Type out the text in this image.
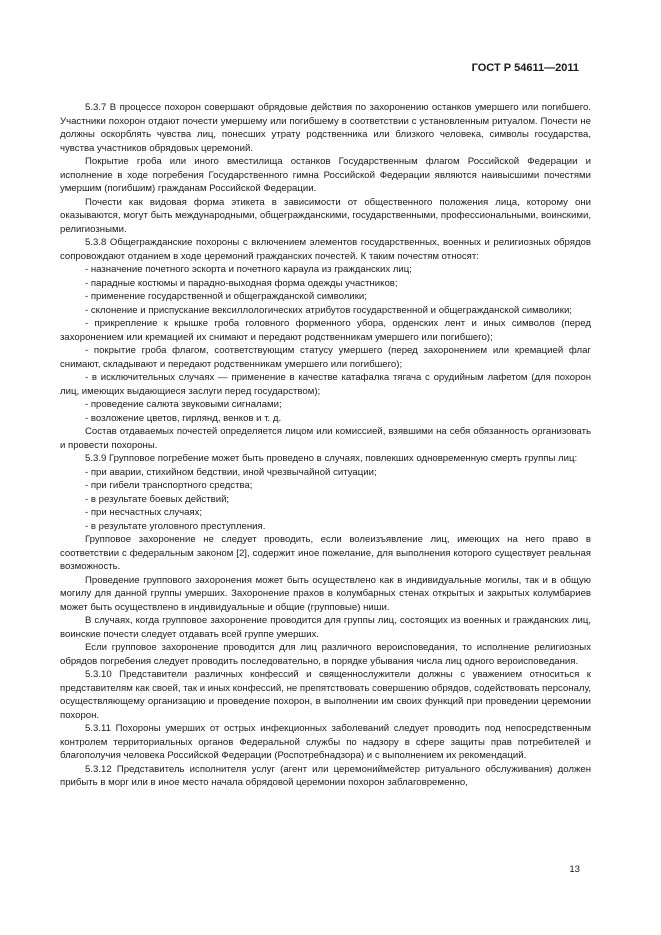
ГОСТ Р 54611—2011

5.3.7 В процессе похорон совершают обрядовые действия по захоронению останков умершего или погибшего. Участники похорон отдают почести умершему или погибшему в соответствии с установленным ритуалом. Почести не должны оскорблять чувства лиц, понесших утрату родственника или близкого человека, символы государства, чувства участников обрядовых церемоний.

Покрытие гроба или иного вместилища останков Государственным флагом Российской Федерации и исполнение в ходе погребения Государственного гимна Российской Федерации являются наивысшими почестями умершим (погибшим) гражданам Российской Федерации.

Почести как видовая форма этикета в зависимости от общественного положения лица, которому они оказываются, могут быть международными, общегражданскими, государственными, профессиональными, воинскими, религиозными.

5.3.8 Общегражданские похороны с включением элементов государственных, военных и религиозных обрядов сопровождают отданием в ходе церемоний гражданских почестей. К таким почестям относят:

- назначение почетного эскорта и почетного караула из гражданских лиц;

- парадные костюмы и парадно-выходная форма одежды участников;

- применение государственной и общегражданской символики;

- склонение и приспускание вексиллологических атрибутов государственной и общегражданской символики;

- прикрепление к крышке гроба головного форменного убора, орденских лент и иных символов (перед захоронением или кремацией их снимают и передают родственникам умершего или погибшего);

- покрытие гроба флагом, соответствующим статусу умершего (перед захоронением или кремацией флаг снимают, складывают и передают родственникам умершего или погибшего);

- в исключительных случаях — применение в качестве катафалка тягача с орудийным лафетом (для похорон лиц, имеющих выдающиеся заслуги перед государством);

- проведение салюта звуковыми сигналами;

- возложение цветов, гирлянд, венков и т. д.

Состав отдаваемых почестей определяется лицом или комиссией, взявшими на себя обязанность организовать и провести похороны.

5.3.9 Групповое погребение может быть проведено в случаях, повлекших одновременную смерть группы лиц:

- при аварии, стихийном бедствии, иной чрезвычайной ситуации;

- при гибели транспортного средства;

- в результате боевых действий;

- при несчастных случаях;

- в результате уголовного преступления.

Групповое захоронение не следует проводить, если волеизъявление лиц, имеющих на него право в соответствии с федеральным законом [2], содержит иное пожелание, для выполнения которого существует реальная возможность.

Проведение группового захоронения может быть осуществлено как в индивидуальные могилы, так и в общую могилу для данной группы умерших. Захоронение прахов в колумбарных стенах открытых и закрытых колумбариев может быть осуществлено в индивидуальные и общие (групповые) ниши.

В случаях, когда групповое захоронение проводится для группы лиц, состоящих из военных и гражданских лиц, воинские почести следует отдавать всей группе умерших.

Если групповое захоронение проводится для лиц различного вероисповедания, то исполнение религиозных обрядов погребения следует проводить последовательно, в порядке убывания числа лиц одного вероисповедания.

5.3.10 Представители различных конфессий и священнослужители должны с уважением относиться к представителям как своей, так и иных конфессий, не препятствовать совершению обрядов, содействовать персоналу, осуществляющему организацию и проведение похорон, в выполнении им своих функций при проведении церемонии похорон.

5.3.11 Похороны умерших от острых инфекционных заболеваний следует проводить под непосредственным контролем территориальных органов Федеральной службы по надзору в сфере защиты прав потребителей и благополучия человека Российской Федерации (Роспотребнадзора) и с выполнением их рекомендаций.

5.3.12 Представитель исполнителя услуг (агент или церемониймейстер ритуального обслуживания) должен прибыть в морг или в иное место начала обрядовой церемонии похорон заблаговременно,

13
